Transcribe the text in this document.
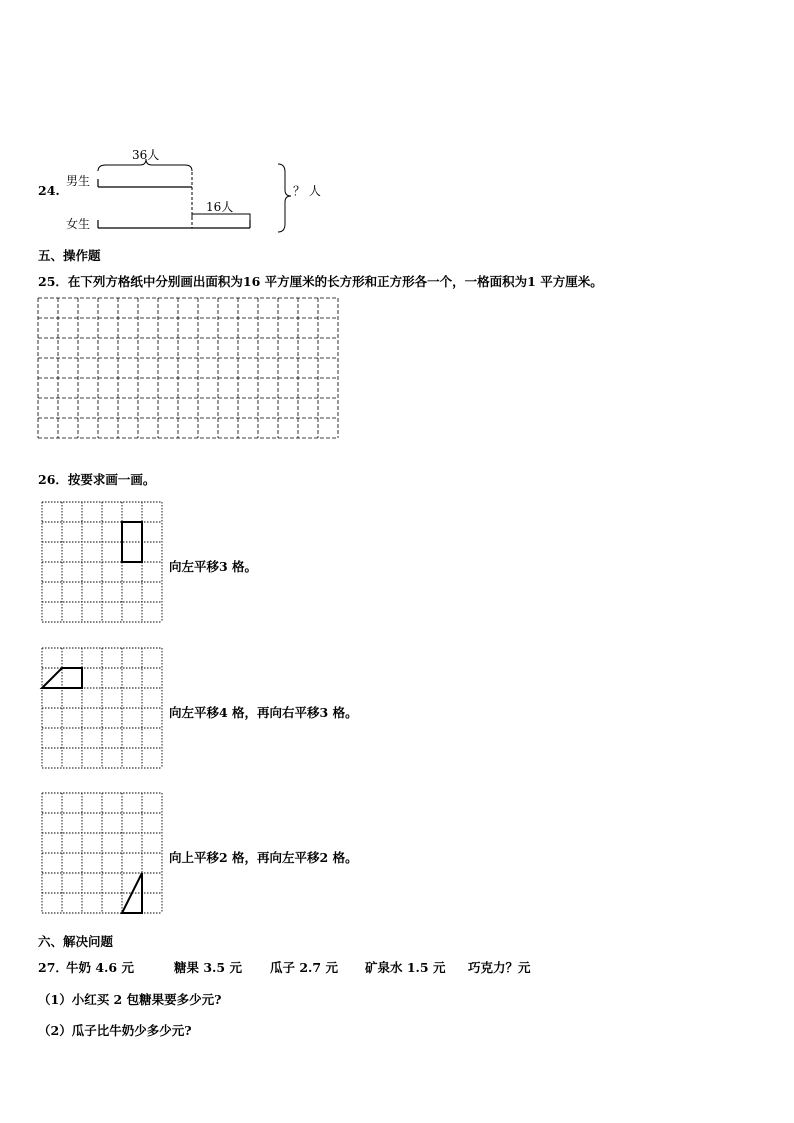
24.
36人
男生
女生
16人
？ 人
五、操作题
25．在下列方格纸中分别画出面积为16 平方厘米的长方形和正方形各一个，一格面积为1 平方厘米。
26．按要求画一画。
向左平移3 格。
向左平移4 格，再向右平移3 格。
向上平移2 格，再向左平移2 格。
六、解决问题
27．
牛奶 4.6 元	糖果 3.5 元 瓜子 2.7 元 矿泉水 1.5 元 巧克力？元
（1）小红买 2 包糖果要多少元?
（2）瓜子比牛奶少多少元?
